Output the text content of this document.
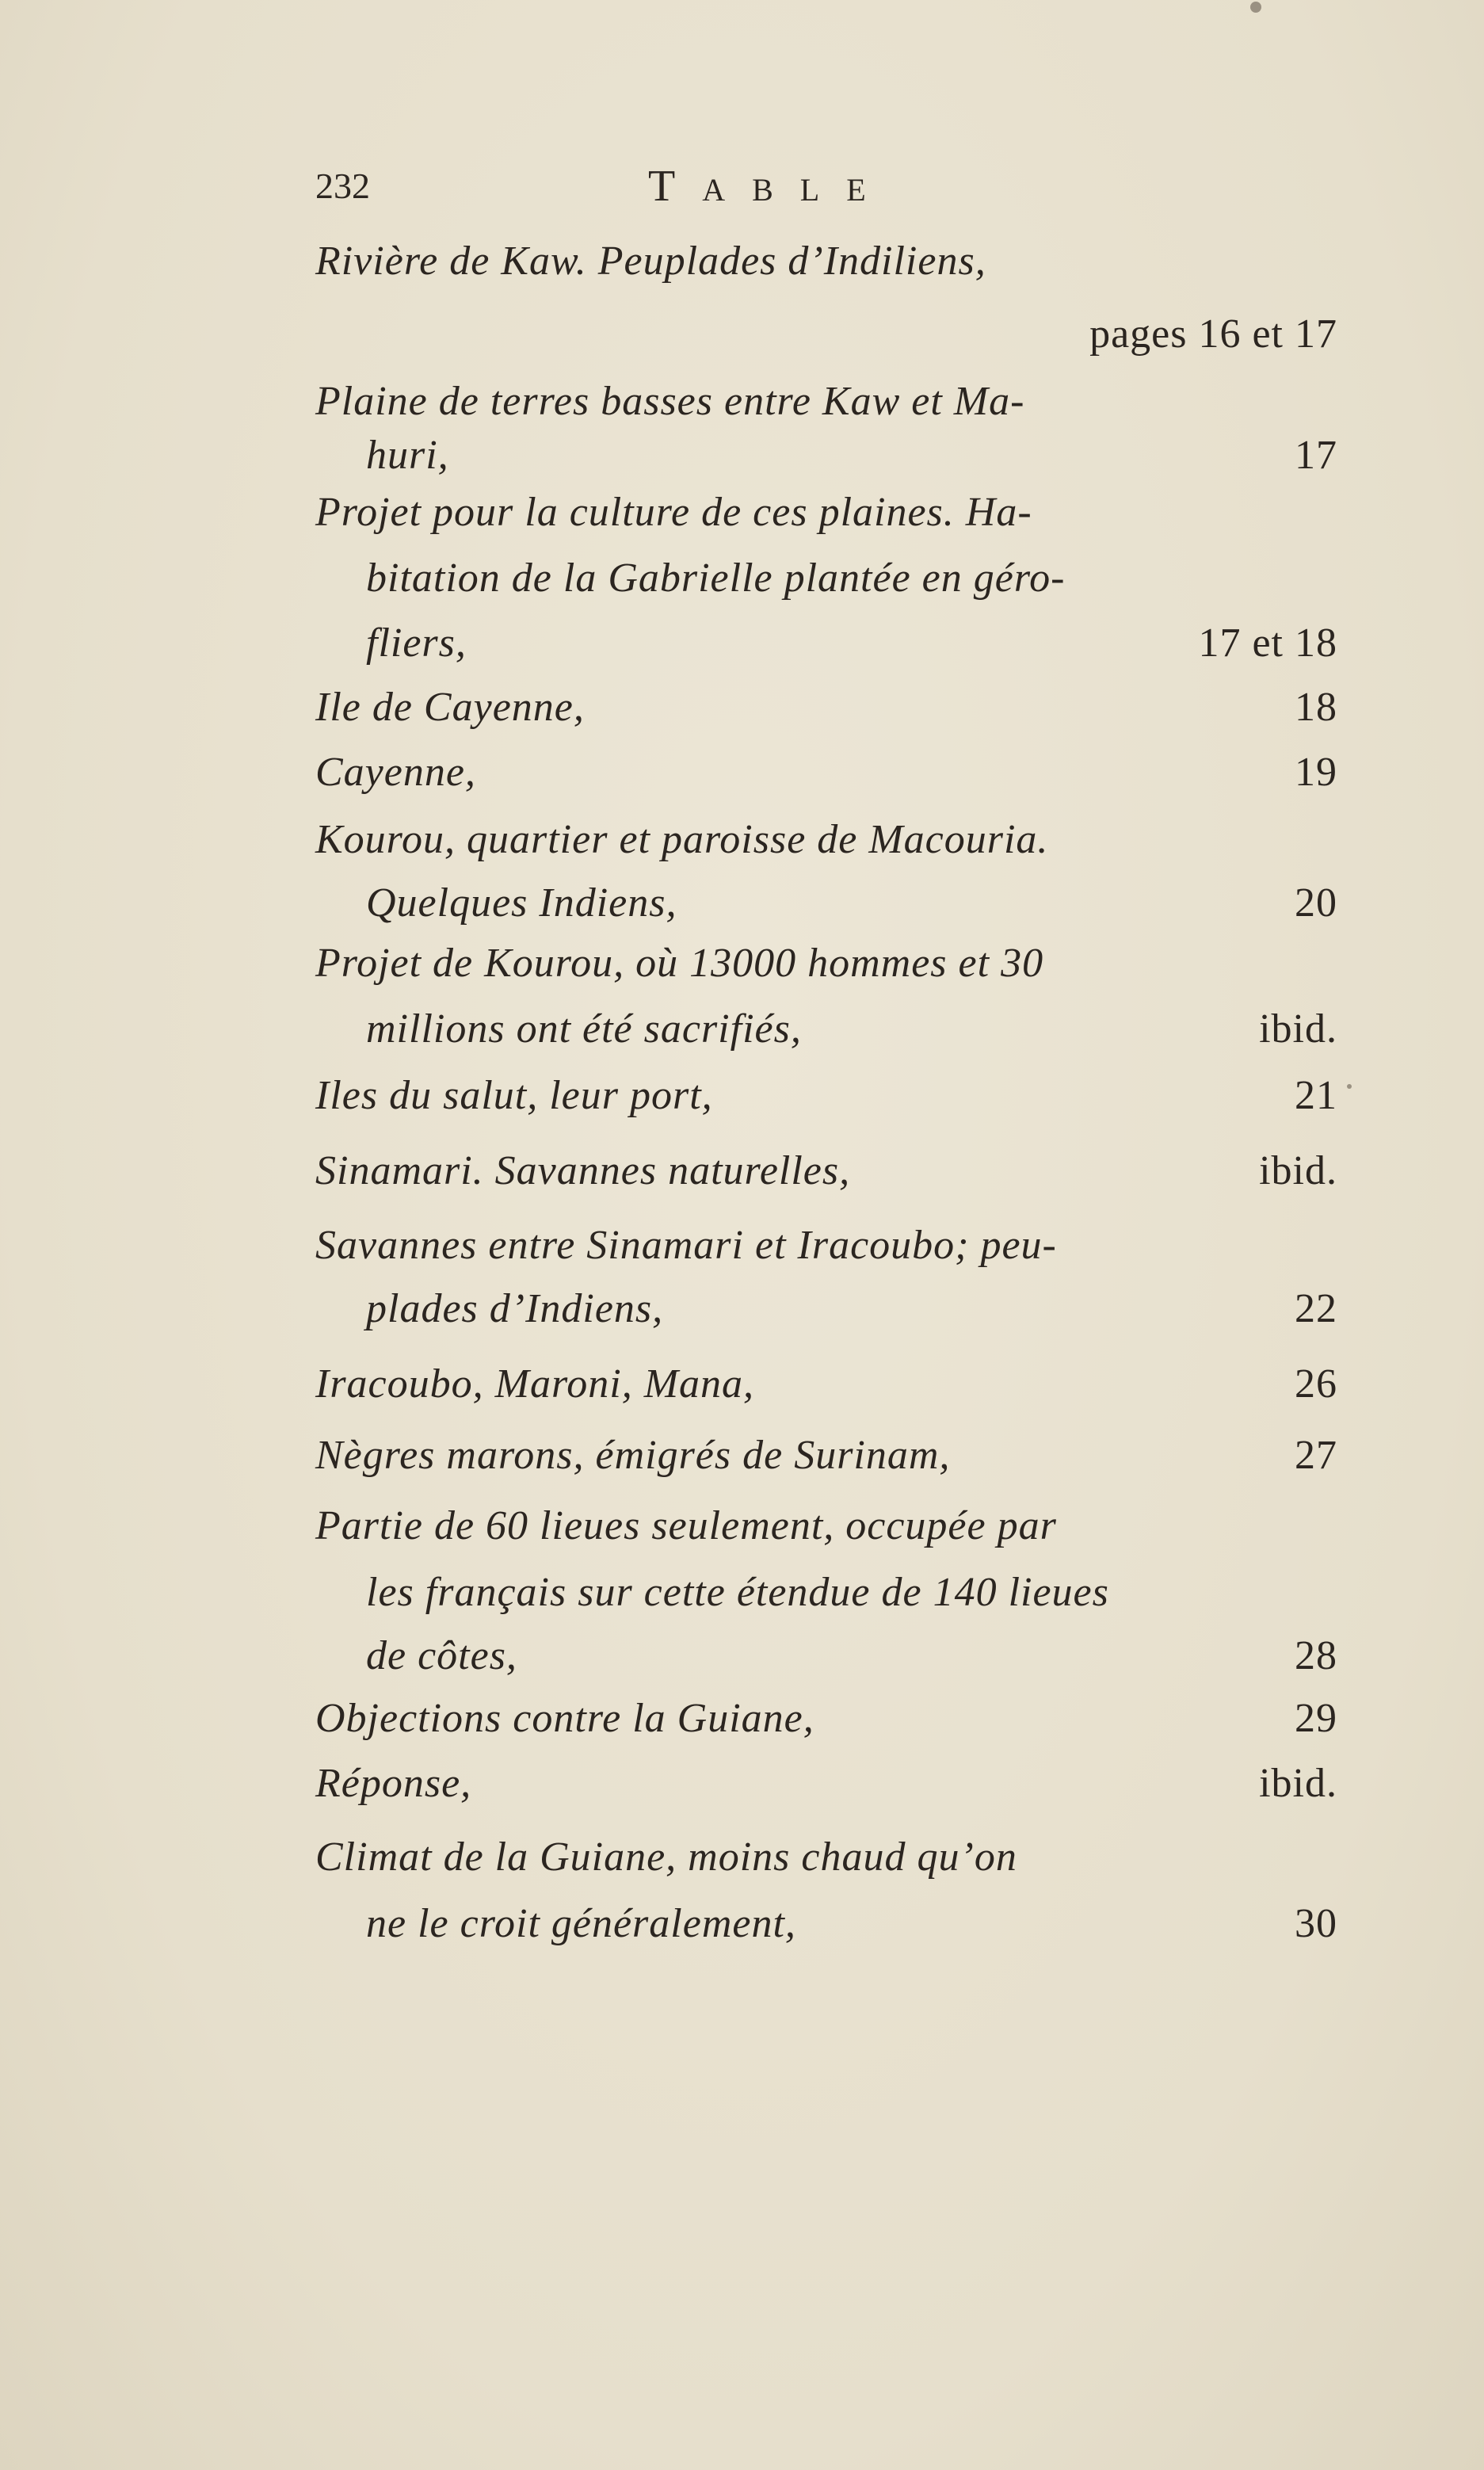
232	TABLE
Rivière de Kaw. Peuplades d’Indiliens,
pages 16 et 17
Plaine de terres basses entre Kaw et Ma-
huri,	17
Projet pour la culture de ces plaines. Ha-
bitation de la Gabrielle plantée en géro-
fliers,	17 et 18
Ile de Cayenne,	18
Cayenne,	19
Kourou, quartier et paroisse de Macouria.
Quelques Indiens,	20
Projet de Kourou, où 13000 hommes et 30
millions ont été sacrifiés,	ibid.
Iles du salut, leur port,	21
Sinamari. Savannes naturelles,	ibid.
Savannes entre Sinamari et Iracoubo; peu-
plades d’Indiens,	22
Iracoubo, Maroni, Mana,	26
Nègres marons, émigrés de Surinam,	27
Partie de 60 lieues seulement, occupée par
les français sur cette étendue de 140 lieues
de côtes,	28
Objections contre la Guiane,	29
Réponse,	ibid.
Climat de la Guiane, moins chaud qu’on
ne le croit généralement,	30
